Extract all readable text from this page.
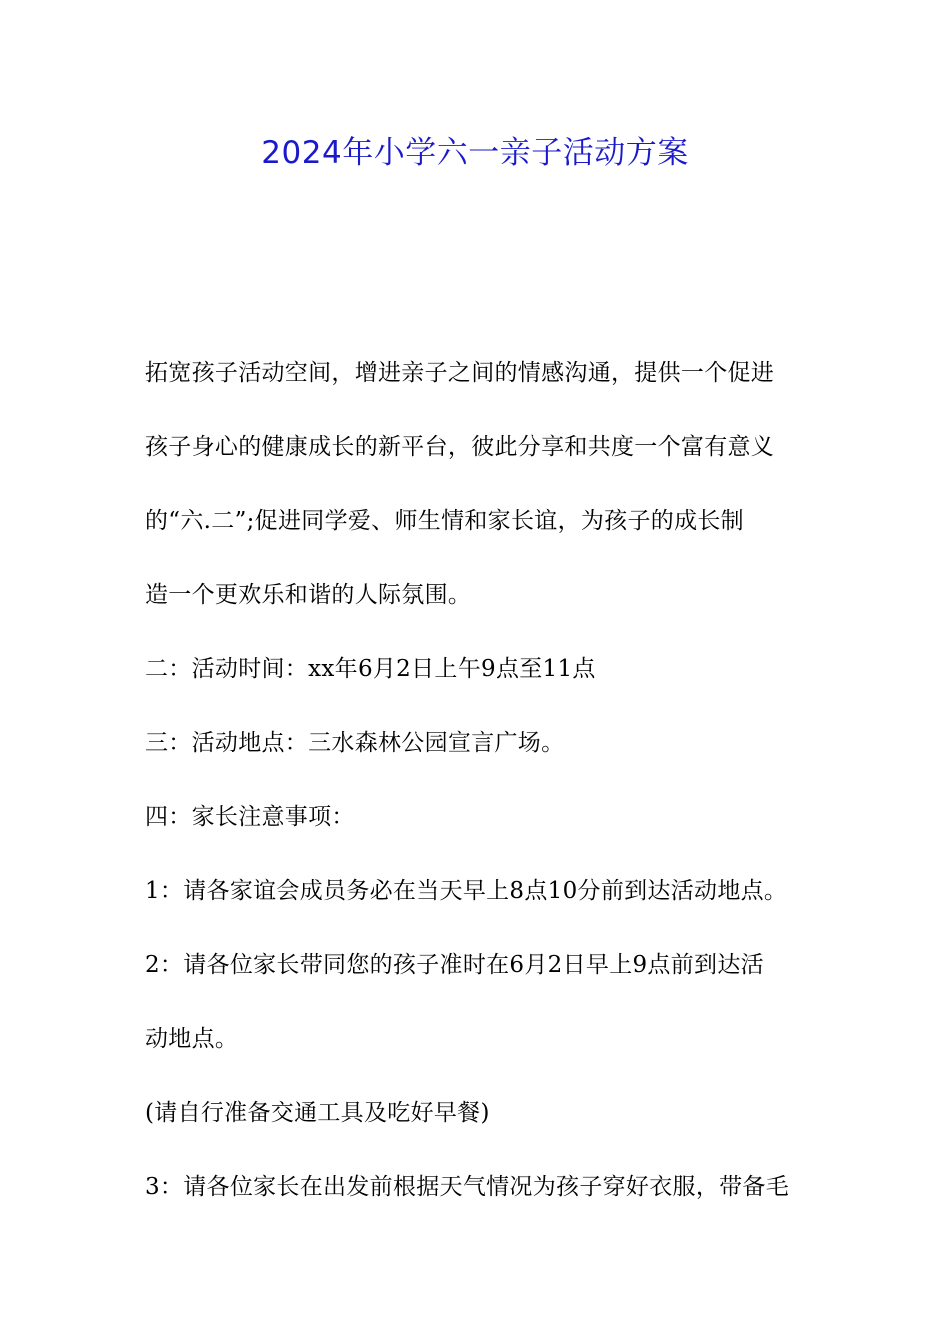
2024年小学六一亲子活动方案

拓宽孩子活动空间，增进亲子之间的情感沟通，提供一个促进

孩子身心的健康成长的新平台，彼此分享和共度一个富有意义

的“六.二”;促进同学爱、师生情和家长谊，为孩子的成长制

造一个更欢乐和谐的人际氛围。

二：活动时间：xx年6月2日上午9点至11点

三：活动地点：三水森林公园宣言广场。

四：家长注意事项：

1：请各家谊会成员务必在当天早上8点10分前到达活动地点。

2：请各位家长带同您的孩子准时在6月2日早上9点前到达活

动地点。

(请自行准备交通工具及吃好早餐)

3：请各位家长在出发前根据天气情况为孩子穿好衣服，带备毛
